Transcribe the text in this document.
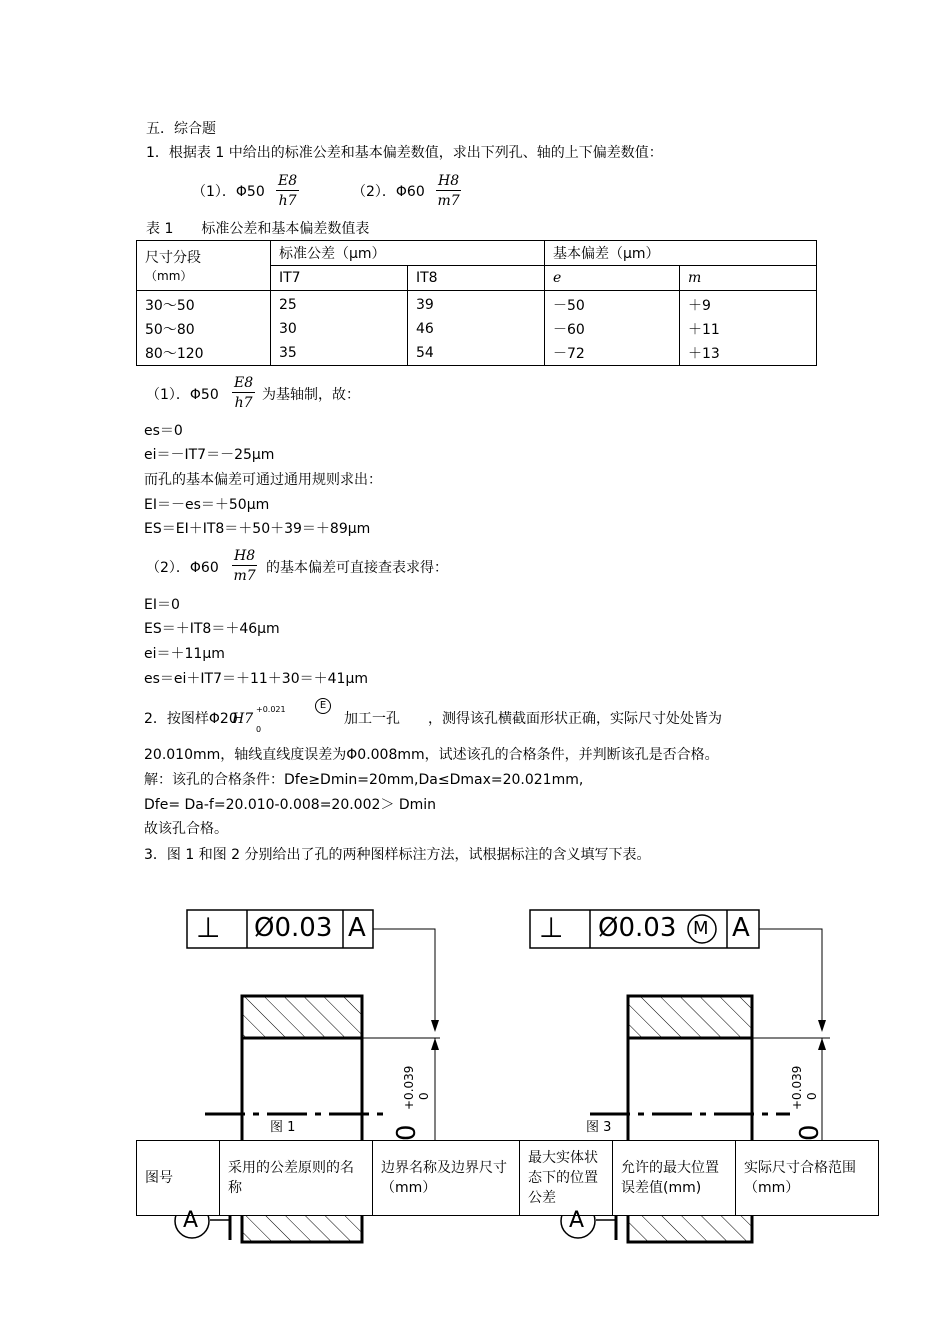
五．综合题
1．根据表 1 中给出的标准公差和基本偏差数值，求出下列孔、轴的上下偏差数值：
（1）．$\Phi 50 \frac{E8}{h7}$	（2）．$\Phi 60 \frac{H8}{m7}$
表 1　　标准公差和基本偏差数值表
尺寸分段
（mm）	标准公差（μm）		基本偏差（μm）	
	IT7	IT8	e	m
30～50	25	39	－50	＋9
50～80	30	46	－60	＋11
80～120	35	54	－72	＋13
（1）．$\Phi 50 \frac{E8}{h7}$ 为基轴制，故：
es＝0
ei＝－IT7＝－25μm
而孔的基本偏差可通过通用规则求出：
EI＝－es＝＋50μm
ES＝EI＋IT8＝＋50＋39＝＋89μm
（2）．$\Phi 60 \frac{H8}{m7}$ 的基本偏差可直接查表求得：
EI＝0
ES＝＋IT8＝＋46μm
ei＝＋11μm
es＝ei＋IT7＝＋11＋30＝＋41μm
2．按图样Φ20
H7
+0.021
0
E
加工一孔　　，测得该孔横截面形状正确，实际尺寸处处皆为
20.010mm，轴线直线度误差为Φ0.008mm，试述该孔的合格条件，并判断该孔是否合格。
解：该孔的合格条件：Dfe≥Dmin=20mm,Da≤Dmax=20.021mm,
Dfe= Da-f=20.010-0.008=20.002＞ Dmin
故该孔合格。
3．图 1 和图 2 分别给出了孔的两种图样标注方法，试根据标注的含义填写下表。
⊥ Ø0.03 A
图 1
+0.039 0
⊥ Ø0.03 M A
图 3
+0.039 0
图号	采用的公差原则的名称	边界名称及边界尺寸（mm）	最大实体状态下的位置公差	允许的最大位置误差值(mm)	实际尺寸合格范围（mm）
A	A
